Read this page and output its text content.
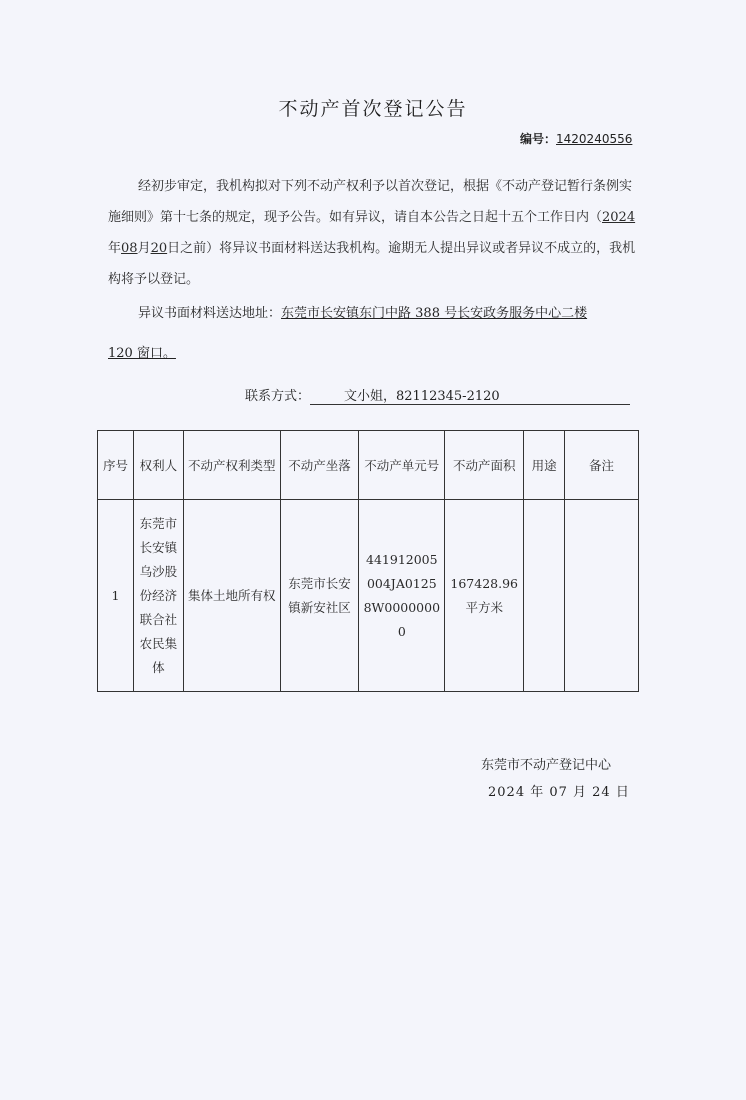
不动产首次登记公告
编号：1420240556
经初步审定，我机构拟对下列不动产权利予以首次登记，根据《不动产登记暂行条例实施细则》第十七条的规定，现予公告。如有异议，请自本公告之日起十五个工作日内（2024年08月20日之前）将异议书面材料送达我机构。逾期无人提出异议或者异议不成立的，我机构将予以登记。
异议书面材料送达地址：东莞市长安镇东门中路 388 号长安政务服务中心二楼
120 窗口。
联系方式：	文小姐，82112345-2120
序号	权利人	不动产权利类型	不动产坐落	不动产单元号	不动产面积	用途	备注
1	东莞市长安镇乌沙股份经济联合社农民集体	集体土地所有权	东莞市长安镇新安社区	441912005004JA01258W00000000	167428.96平方米		
东莞市不动产登记中心
2024 年 07 月 24 日
